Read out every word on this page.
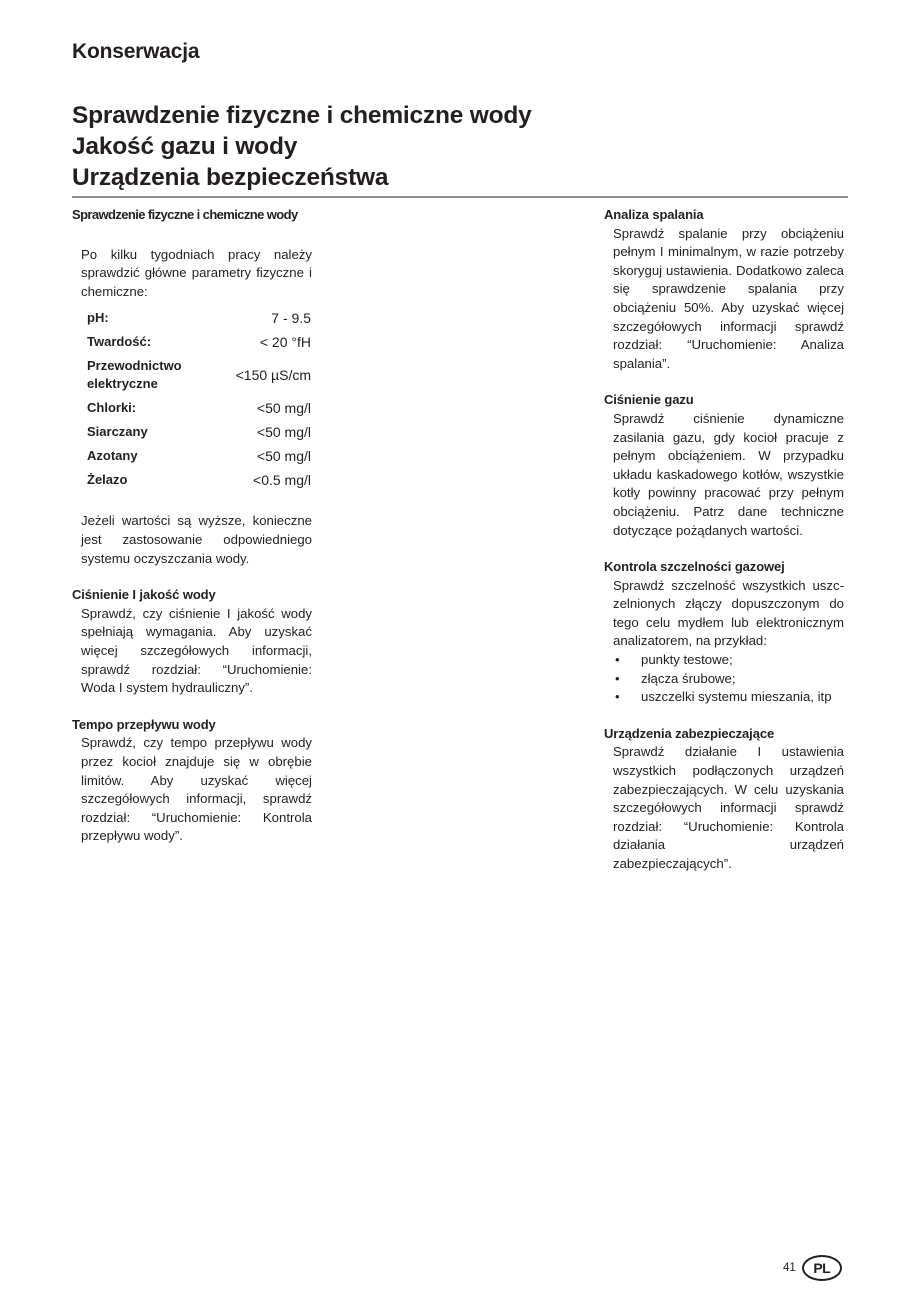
Konserwacja
Sprawdzenie fizyczne i chemiczne wody
Jakość gazu i wody
Urządzenia bezpieczeństwa
Sprawdzenie fizyczne i chemiczne wody
Po kilku tygodniach pracy należy sprawdzić główne parametry fizyczne i chemiczne:
pH:	7 - 9.5
Twardość:	< 20 °fH
Przewodnictwo elektryczne	<150 µS/cm
Chlorki:	<50 mg/l
Siarczany	<50 mg/l
Azotany	<50 mg/l
Żelazo	<0.5 mg/l
Jeżeli wartości są wyższe, konieczne jest zastosowanie odpowiedniego systemu oczyszczania wody.
Ciśnienie I jakość wody
Sprawdź, czy ciśnienie I jakość wody spełniają wymagania. Aby uzyskać więcej szczegółowych informacji, sprawdź rozdział: “Uruchomienie: Woda I system hydrauliczny”.
Tempo przepływu wody
Sprawdź, czy tempo przepływu wody przez kocioł znajduje się w obrębie limitów. Aby uzyskać więcej szczegółowych informacji, sprawdź rozdział: “Uruchomienie: Kontrola przepływu wody”.
Analiza spalania
Sprawdź spalanie przy obciążeniu pełnym I minimalnym, w razie potrzeby skoryguj ustawienia. Dodatkowo zaleca się sprawdzenie spalania przy obciążeniu 50%. Aby uzyskać więcej szczegółowych informacji sprawdź rozdział: “Uruchomienie: Analiza spalania”.
Ciśnienie gazu
Sprawdź ciśnienie dynamiczne zasilania gazu, gdy kocioł pracuje z pełnym obciążeniem. W przypadku układu kaskadowego kotłów, wszystkie kotły powinny pracować przy pełnym obciążeniu. Patrz dane techniczne dotyczące pożądanych wartości.
Kontrola szczelności gazowej
Sprawdź szczelność wszystkich uszczelnionych złączy dopuszczonym do tego celu mydłem lub elektronicznym analizatorem, na przykład:
• punkty testowe;
• złącza śrubowe;
• uszczelki systemu mieszania, itp
Urządzenia zabezpieczające
Sprawdź działanie I ustawienia wszystkich podłączonych urządzeń zabezpieczających. W celu uzyskania szczegółowych informacji sprawdź rozdział: “Uruchomienie: Kontrola działania urządzeń zabezpieczających”.
41	PL
